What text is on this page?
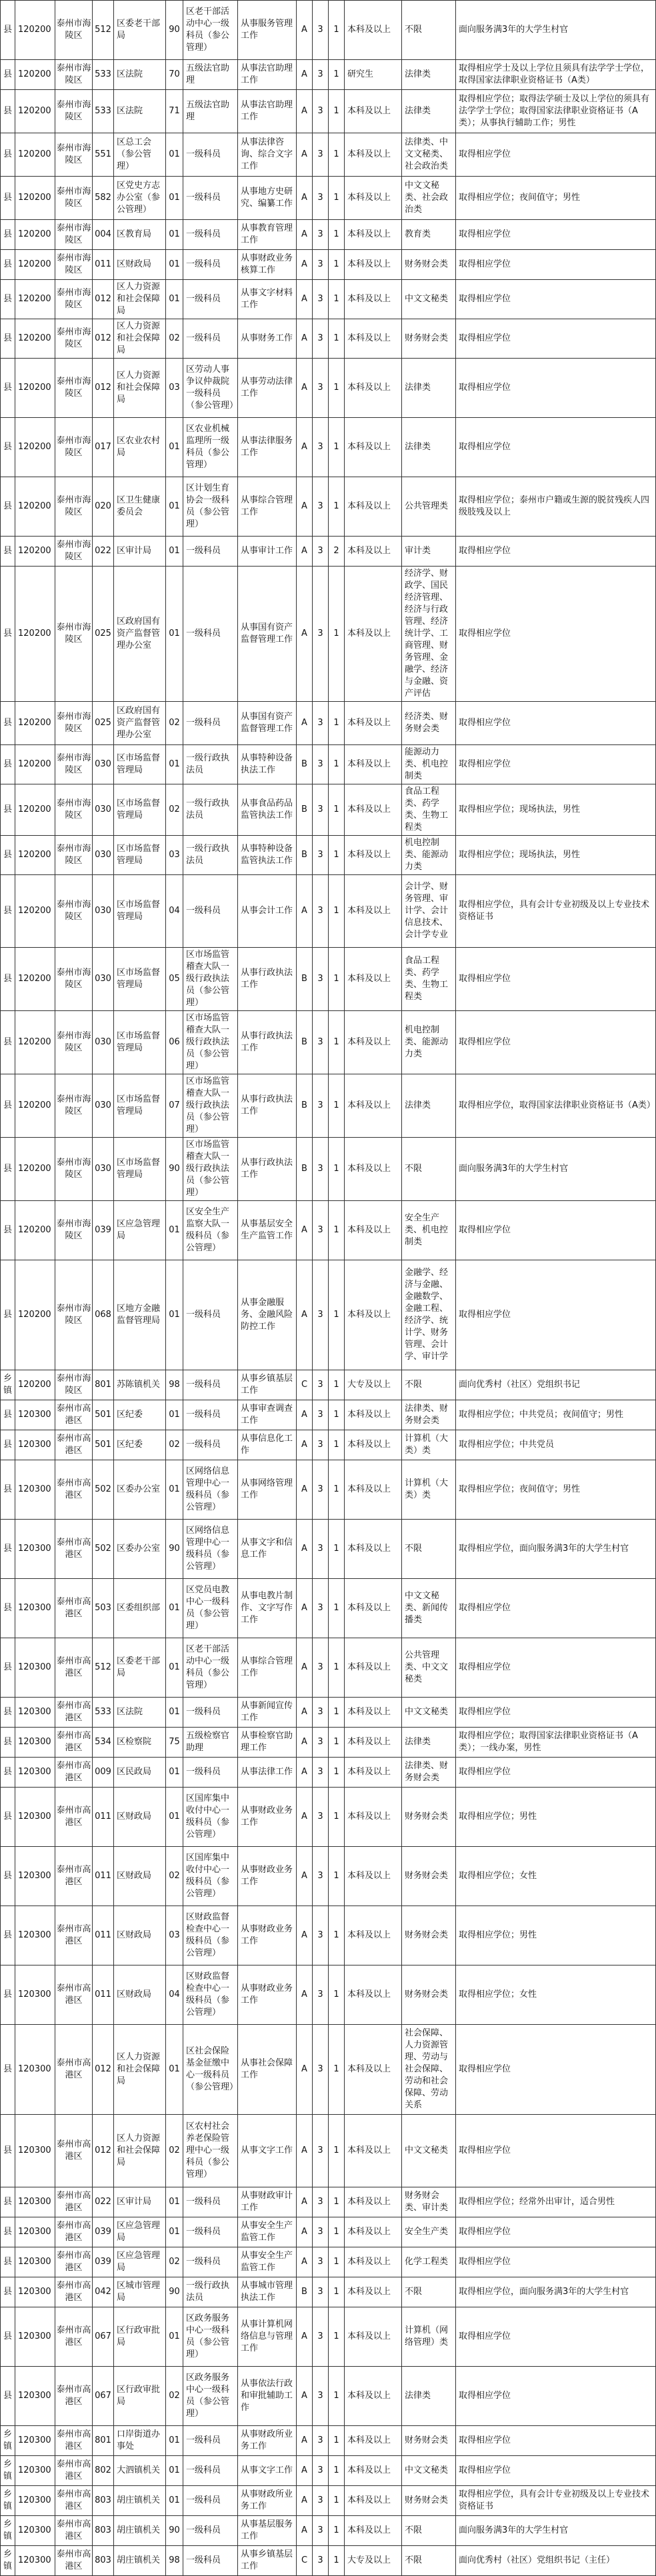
县	120200	泰州市海陵区	512	区委老干部局	90	区老干部活动中心一级科员（参公管理）	从事服务管理工作	A	3	1	本科及以上	不限	面向服务满3年的大学生村官
县	120200	泰州市海陵区	533	区法院	70	五级法官助理	从事法官助理工作	A	3	1	研究生	法律类	取得相应学士及以上学位且须具有法学学士学位，取得国家法律职业资格证书（A类）
县	120200	泰州市海陵区	533	区法院	71	五级法官助理	从事法官助理工作	A	3	1	本科及以上	法律类	取得相应学位；取得法学硕士及以上学位的须具有法学学士学位；取得国家法律职业资格证书（A类）；从事执行辅助工作；男性
县	120200	泰州市海陵区	551	区总工会（参公管理）	01	一级科员	从事法律咨询、综合文字工作	A	3	1	本科及以上	法律类、中文文秘类、社会政治类	取得相应学位
县	120200	泰州市海陵区	582	区党史方志办公室（参公管理）	01	一级科员	从事地方史研究、编纂工作	A	3	1	本科及以上	中文文秘类、社会政治类	取得相应学位；夜间值守；男性
县	120200	泰州市海陵区	004	区教育局	01	一级科员	从事教育管理工作	A	3	1	本科及以上	教育类	取得相应学位
县	120200	泰州市海陵区	011	区财政局	01	一级科员	从事财政业务核算工作	A	3	1	本科及以上	财务财会类	取得相应学位
县	120200	泰州市海陵区	012	区人力资源和社会保障局	01	一级科员	从事文字材料工作	A	3	1	本科及以上	中文文秘类	取得相应学位
县	120200	泰州市海陵区	012	区人力资源和社会保障局	02	一级科员	从事财务工作	A	3	1	本科及以上	财务财会类	取得相应学位
县	120200	泰州市海陵区	012	区人力资源和社会保障局	03	区劳动人事争议仲裁院一级科员（参公管理）	从事劳动法律工作	A	3	1	本科及以上	法律类	取得相应学位
县	120200	泰州市海陵区	017	区农业农村局	01	区农业机械监理所一级科员（参公管理）	从事法律服务工作	A	3	1	本科及以上	法律类	取得相应学位
县	120200	泰州市海陵区	020	区卫生健康委员会	01	区计划生育协会一级科员（参公管理）	从事综合管理工作	A	3	1	本科及以上	公共管理类	取得相应学位；泰州市户籍或生源的脱贫残疾人四级肢残及以上
县	120200	泰州市海陵区	022	区审计局	01	一级科员	从事审计工作	A	3	2	本科及以上	审计类	取得相应学位
县	120200	泰州市海陵区	025	区政府国有资产监督管理办公室	01	一级科员	从事国有资产监督管理工作	A	3	1	本科及以上	经济学、财政学、国民经济管理、经济与行政管理、经济统计学、工商管理、财务管理、金融学、经济与金融、资产评估	取得相应学位
县	120200	泰州市海陵区	025	区政府国有资产监督管理办公室	02	一级科员	从事国有资产监督管理工作	A	3	1	本科及以上	经济类、财务财会类	取得相应学位
县	120200	泰州市海陵区	030	区市场监督管理局	01	一级行政执法员	从事特种设备执法工作	B	3	1	本科及以上	能源动力类、机电控制类	取得相应学位
县	120200	泰州市海陵区	030	区市场监督管理局	02	一级行政执法员	从事食品药品监管执法工作	B	3	1	本科及以上	食品工程类、药学类、生物工程类	取得相应学位；现场执法，男性
县	120200	泰州市海陵区	030	区市场监督管理局	03	一级行政执法员	从事特种设备监管执法工作	B	3	1	本科及以上	机电控制类、能源动力类	取得相应学位；现场执法，男性
县	120200	泰州市海陵区	030	区市场监督管理局	04	一级科员	从事会计工作	A	3	1	本科及以上	会计学、财务管理、审计学、会计信息技术、会计学专业	取得相应学位，具有会计专业初级及以上专业技术资格证书
县	120200	泰州市海陵区	030	区市场监督管理局	05	区市场监管稽查大队一级行政执法员（参公管理）	从事行政执法工作	B	3	1	本科及以上	食品工程类、药学类、生物工程类	取得相应学位
县	120200	泰州市海陵区	030	区市场监督管理局	06	区市场监管稽查大队一级行政执法员（参公管理）	从事行政执法工作	B	3	1	本科及以上	机电控制类、能源动力类	取得相应学位
县	120200	泰州市海陵区	030	区市场监督管理局	07	区市场监管稽查大队一级行政执法员（参公管理）	从事行政执法工作	B	3	1	本科及以上	法律类	取得相应学位，取得国家法律职业资格证书（A类）
县	120200	泰州市海陵区	030	区市场监督管理局	90	区市场监管稽查大队一级行政执法员（参公管理）	从事行政执法工作	B	3	1	本科及以上	不限	面向服务满3年的大学生村官
县	120200	泰州市海陵区	039	区应急管理局	01	区安全生产监察大队一级科员（参公管理）	从事基层安全生产监管工作	A	3	1	本科及以上	安全生产类、机电控制类	取得相应学位
县	120200	泰州市海陵区	068	区地方金融监督管理局	01	一级科员	从事金融服务、金融风险防控工作	A	3	1	本科及以上	金融学、经济与金融、金融数学、金融工程、经济学、统计学、财务管理、会计学、审计学	取得相应学位
乡镇	120200	泰州市海陵区	801	苏陈镇机关	98	一级科员	从事乡镇基层工作	C	3	1	大专及以上	不限	面向优秀村（社区）党组织书记
县	120300	泰州市高港区	501	区纪委	01	一级科员	从事审查调查工作	A	3	1	本科及以上	法律类、财务财会类	取得相应学位；中共党员；夜间值守；男性
县	120300	泰州市高港区	501	区纪委	02	一级科员	从事信息化工作	A	3	1	本科及以上	计算机（大类）类	取得相应学位；中共党员
县	120300	泰州市高港区	502	区委办公室	01	区网络信息管理中心一级科员（参公管理）	从事网络管理工作	A	3	1	本科及以上	计算机（大类）类	取得相应学位；夜间值守；男性
县	120300	泰州市高港区	502	区委办公室	90	区网络信息管理中心一级科员（参公管理）	从事文字和信息工作	A	3	1	本科及以上	不限	取得相应学位，面向服务满3年的大学生村官
县	120300	泰州市高港区	503	区委组织部	01	区党员电教中心一级科员（参公管理）	从事电教片制作、文字写作工作	A	3	1	本科及以上	中文文秘类、新闻传播类	取得相应学位
县	120300	泰州市高港区	512	区委老干部局	01	区老干部活动中心一级科员（参公管理）	从事综合管理工作	A	3	1	本科及以上	公共管理类、中文文秘类	取得相应学位
县	120300	泰州市高港区	533	区法院	01	一级科员	从事新闻宣传工作	A	3	1	本科及以上	中文文秘类	取得相应学位
县	120300	泰州市高港区	534	区检察院	75	五级检察官助理	从事检察官助理工作	A	3	1	本科及以上	法律类	取得相应学位；取得国家法律职业资格证书（A类）；一线办案，男性
县	120300	泰州市高港区	009	区民政局	01	一级科员	从事法律工作	A	3	1	本科及以上	法律类、财务财会类	取得相应学位
县	120300	泰州市高港区	011	区财政局	01	区国库集中收付中心一级科员（参公管理）	从事财政业务工作	A	3	1	本科及以上	财务财会类	取得相应学位；男性
县	120300	泰州市高港区	011	区财政局	02	区国库集中收付中心一级科员（参公管理）	从事财政业务工作	A	3	1	本科及以上	财务财会类	取得相应学位；女性
县	120300	泰州市高港区	011	区财政局	03	区财政监督检查中心一级科员（参公管理）	从事财政业务工作	A	3	1	本科及以上	财务财会类	取得相应学位；男性
县	120300	泰州市高港区	011	区财政局	04	区财政监督检查中心一级科员（参公管理）	从事财政业务工作	A	3	1	本科及以上	财务财会类	取得相应学位；女性
县	120300	泰州市高港区	012	区人力资源和社会保障局	01	区社会保险基金征缴中心一级科员（参公管理）	从事社会保障工作	A	3	1	本科及以上	社会保障、人力资源管理、劳动与社会保障、劳动和社会保障、劳动关系	取得相应学位
县	120300	泰州市高港区	012	区人力资源和社会保障局	02	区农村社会养老保险管理中心一级科员（参公管理）	从事文字工作	A	3	1	本科及以上	中文文秘类	取得相应学位
县	120300	泰州市高港区	022	区审计局	01	一级科员	从事财政审计工作	A	3	1	本科及以上	财务财会类、审计类	取得相应学位；经常外出审计，适合男性
县	120300	泰州市高港区	039	区应急管理局	01	一级科员	从事安全生产监管工作	A	3	1	本科及以上	安全生产类	取得相应学位
县	120300	泰州市高港区	039	区应急管理局	02	一级科员	从事安全生产监管工作	A	3	1	本科及以上	化学工程类	取得相应学位
县	120300	泰州市高港区	042	区城市管理局	90	一级行政执法员	从事城市管理执法工作	B	3	1	本科及以上	不限	取得相应学位，面向服务满3年的大学生村官
县	120300	泰州市高港区	067	区行政审批局	01	区政务服务中心一级科员（参公管理）	从事计算机网络信息与管理工作	A	3	1	本科及以上	计算机（网络管理）类	取得相应学位
县	120300	泰州市高港区	067	区行政审批局	02	区政务服务中心一级科员（参公管理）	从事依法行政和审批辅助工作	A	3	1	本科及以上	法律类	取得相应学位
乡镇	120300	泰州市高港区	801	口岸街道办事处	01	一级科员	从事财政所业务工作	A	3	1	本科及以上	财务财会类	取得相应学位
乡镇	120300	泰州市高港区	802	大泗镇机关	01	一级科员	从事文字工作	A	3	1	本科及以上	中文文秘类	取得相应学位
乡镇	120300	泰州市高港区	803	胡庄镇机关	01	一级科员	从事财政所业务工作	A	3	1	本科及以上	财务财会类	取得相应学位，具有会计专业初级及以上专业技术资格证书
乡镇	120300	泰州市高港区	803	胡庄镇机关	90	一级科员	从事基层服务工作	A	3	1	本科及以上	不限	面向服务满3年的大学生村官
乡镇	120300	泰州市高港区	803	胡庄镇机关	98	一级科员	从事乡镇基层工作	C	3	1	大专及以上	不限	面向优秀村（社区）党组织书记（主任）
